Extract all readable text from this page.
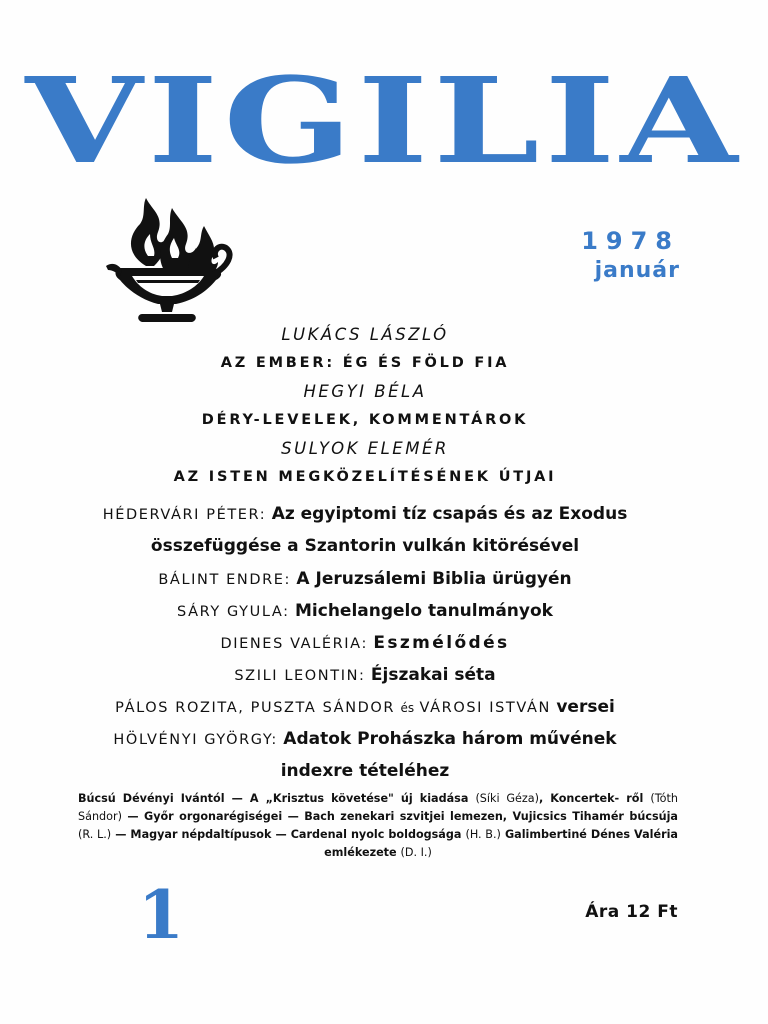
VIGILIA
1978
január

LUKÁCS LÁSZLÓ

AZ EMBER: ÉG ÉS FÖLD FIA

HEGYI BÉLA

DÉRY-LEVELEK, KOMMENTÁROK

SULYOK ELEMÉR

AZ ISTEN MEGKÖZELÍTÉSÉNEK ÚTJAI

HÉDERVÁRI PÉTER: Az egyiptomi tíz csapás és az Exodus

összefüggése a Szantorin vulkán kitörésével

BÁLINT ENDRE: A Jeruzsálemi Biblia ürügyén

SÁRY GYULA: Michelangelo tanulmányok

DIENES VALÉRIA: Eszmélődés

SZILI LEONTIN: Éjszakai séta

PÁLOS ROZITA, PUSZTA SÁNDOR és VÁROSI ISTVÁN versei

HÖLVÉNYI GYÖRGY: Adatok Prohászka három művének

indexre tételéhez

Búcsú Dévényi Ivántól — A „Krisztus követése" új kiadása (Síki Géza), Koncertek- ről (Tóth Sándor) — Győr orgonarégiségei — Bach zenekari szvitjei lemezen, Vujicsics Tihamér búcsúja (R. L.) — Magyar népdaltípusok — Cardenal nyolc boldogsága (H. B.) Galimbertiné Dénes Valéria emlékezete (D. I.)
1	Ára 12 Ft
